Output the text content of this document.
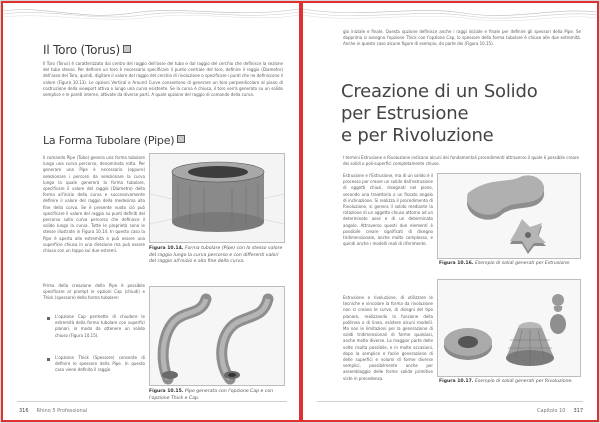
Il Toro (Torus)
Il Toro (Torus) è caratterizzato dai centro del raggio dell'asse del tubo e dal raggio del cerchio che definisce la sezione del tubo stesso. Per definire un toro è necessario specificare il punto centrale del toro, definire il raggio (Diametro) dell'asse del Toro, quindi, digitare il valore del raggio del cerchio di rivoluzione o specificare i punti che ne definiscono il valore (Figura 10.13). Le opzioni Vertical e Around Curve consentono di generare un toro perpendicolare al piano di costruzione della viewport attiva o lungo una curva esistente. Se la curva è chiusa, il toro verrà generato su un solido semplice e le pareti interne, attivate da diverse parti. A quale opzione del raggio di comando della curva.
La Forma Tubolare (Pipe)
Il comando Pipe (Tubo) genera una forma tubolare lungo una curva percorso, denominata rotta. Per generare una Pipe è necessario (oppure) selezionare i percorsi da selezionare la curva lungo la quale genererà la forma tubolare, specificare il valore del raggio (Diametro) della forma all'inizio della curva e successivamente definire il valore del raggio della medesima alla fine della curva. Se è presente vuoto ciò può specificare il valore del raggio su punti definiti del percorso sulla curva percorso che definisce il solido lungo la curva. Tutte le proprietà sono le stesse illustrate in Figura 10.14. In questo caso la Pipe è aperta alle estremità e può essere una superficie chiusa in una direzione ma può essere chiusa con un tappo sui due estremi.
Prima della creazione della Pipe è possibile specificare al prompt le opzioni Cap (chiudi) e Thick (spessore) della forma tubolare:
L'opzione Cap permette di chiudere le estremità della forma tubolare con superfici planari, in modo da ottenere un solido chiuso (Figura 10.15).
L'opzione Thick (Spessore) consente di definire lo spessore della Pipe. In questo caso viene definito il raggio
Figura 10.14. Forma tubolare (Pipe) con lo stesso valore del raggio lungo la curva percorso e con differenti valori del raggio all'inizio e alla fine della curva.
Figura 10.15. Pipe generata con l'opzione Cap e con l'opzione Thick e Cap.
316 Rhino 5 Professional
gio iniziale e finale. Questa opzione definisce anche i raggi iniziale e finale per definire gli spessori della Pipe. Se dapprima si assegna l'opzione Thick con l'opzione Cap, lo spessore della forma tubolare è chiuso alle due estremità. Anche in questo caso alcune figure di esempio, da parte dei (Figura 10.15).
Creazione di un Solido
per Estrusione
e per Rivoluzione
I termini Estrusione e Rivoluzione indicano alcuni dei fondamentali procedimenti attraverso il quale è possibile creare dei solidi o poli-superfici completamente chiuse.
Estrusione e l'Estrusione, ma di un solido è il processo per creare un solido dall'estrusione di oggetti chiusi, disegnati nel piano, secondo una traiettoria o un fissato angolo di inclinazione. Si realizza il procedimento di Rivoluzione, si genera il solido mediante la rotazione di un oggetto chiuso attorno ad un determinato asse e di un determinato angolo. Attraverso questi due elementi è possibile creare significati di disegno tridimensionale, anche molto complesso, e quindi anche i modelli reali di riferimento.
Estrusione e rivoluzione, di utilizzare le tecniche e vincolare la forma da rivoluzione non si creano le curve, di disegni del tipo planare, realizzando la funzione della polilinea o di linea, esistere alcuni modelli. Ma non le limitazioni per la generazione di solidi tridimensionali di forme qualsiasi, anche molto diverse. La maggior parte delle volte risulta possibile, e in molte occasioni, dopo la semplice e facile generazione di delle superfici e volumi di forme diverse semplici, possibilmente anche per assemblaggio delle forme solide primitive viste in precedenza.
Figura 10.16. Esempio di solidi generati per Estrusione.
Figura 10.17. Esempio di solidi generati per Rivoluzione.
Capitolo 10 317
